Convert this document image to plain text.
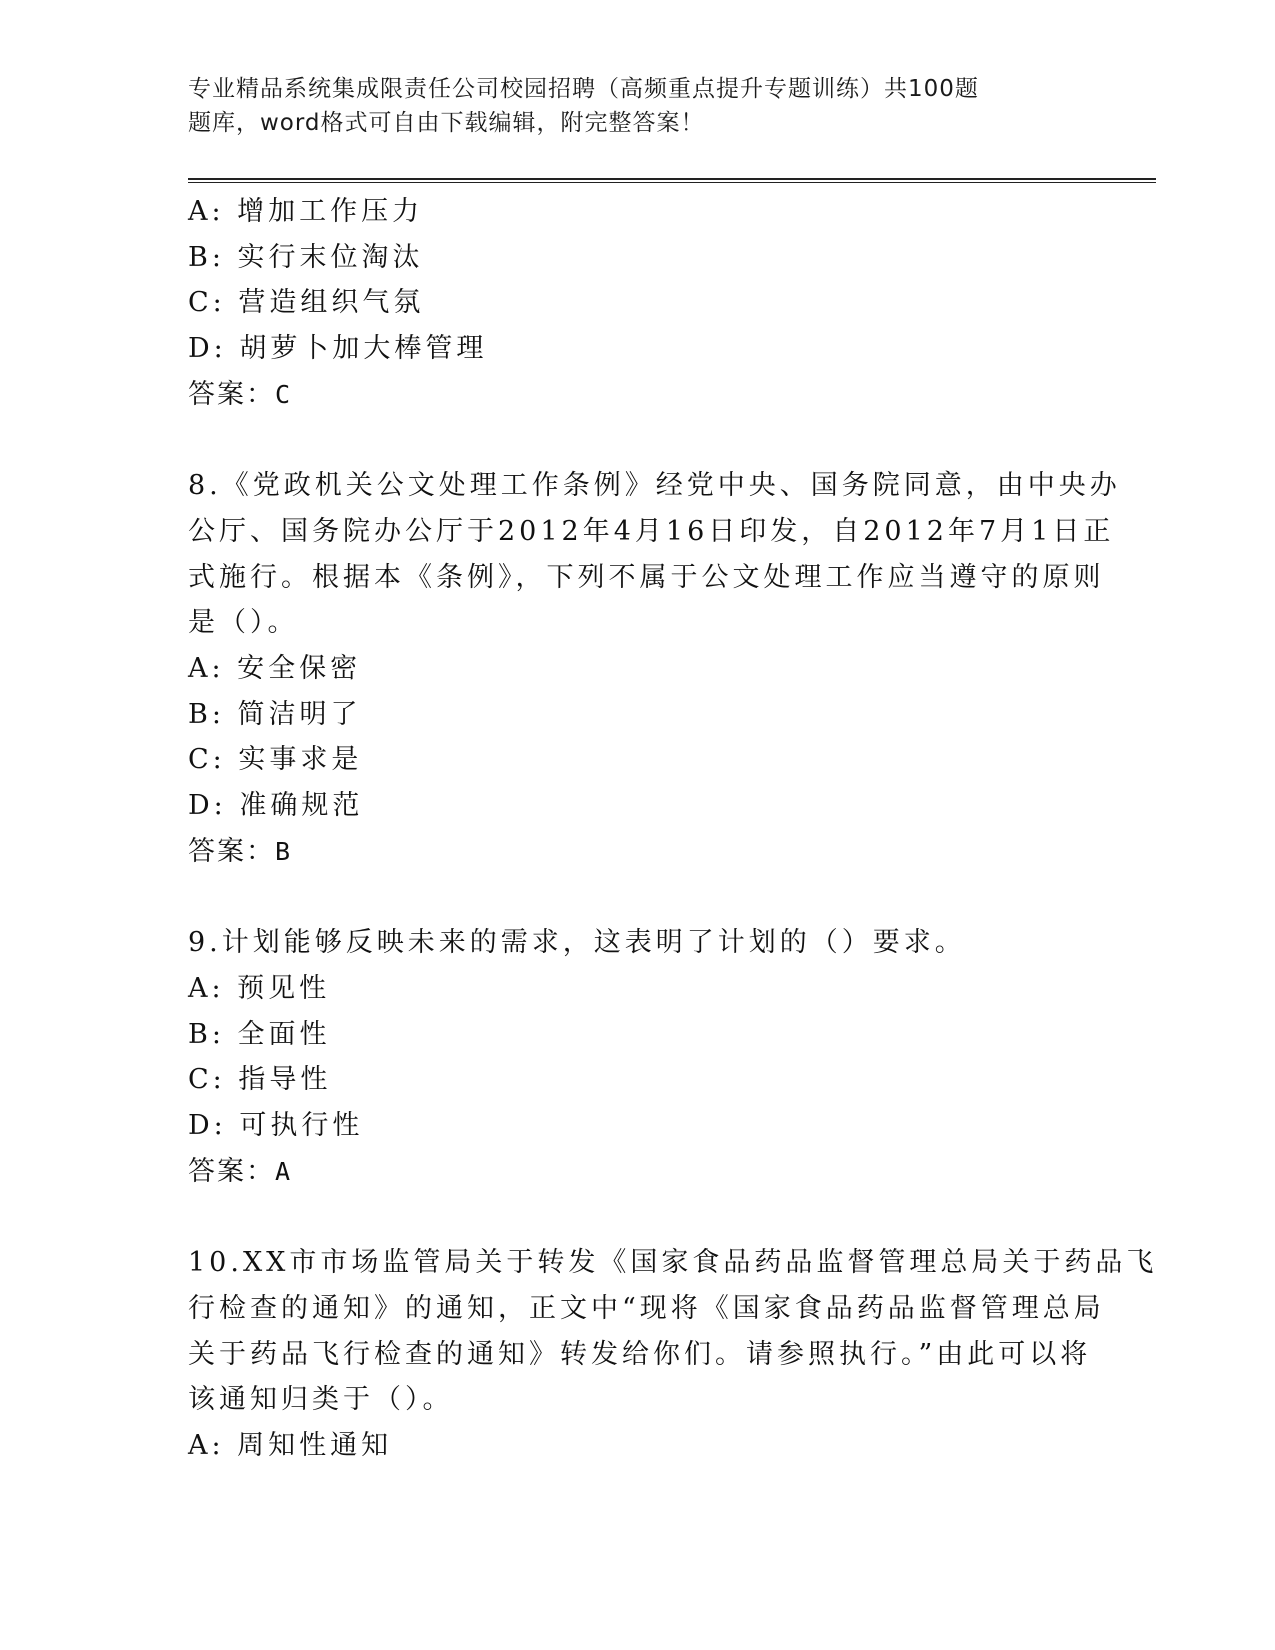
专业精品系统集成限责任公司校园招聘（高频重点提升专题训练）共100题
题库，word格式可自由下载编辑，附完整答案！
A: 增加工作压力
B: 实行末位淘汰
C: 营造组织气氛
D: 胡萝卜加大棒管理
答案：C
8.《党政机关公文处理工作条例》经党中央、国务院同意，由中央办
公厅、国务院办公厅于2012年4月16日印发，自2012年7月1日正
式施行。根据本《条例》，下列不属于公文处理工作应当遵守的原则
是（）。
A: 安全保密
B: 简洁明了
C: 实事求是
D: 准确规范
答案：B
9.计划能够反映未来的需求，这表明了计划的（）要求。
A: 预见性
B: 全面性
C: 指导性
D: 可执行性
答案：A
10.XX市市场监管局关于转发《国家食品药品监督管理总局关于药品飞
行检查的通知》的通知，正文中“现将《国家食品药品监督管理总局
关于药品飞行检查的通知》转发给你们。请参照执行。”由此可以将
该通知归类于（）。
A: 周知性通知
